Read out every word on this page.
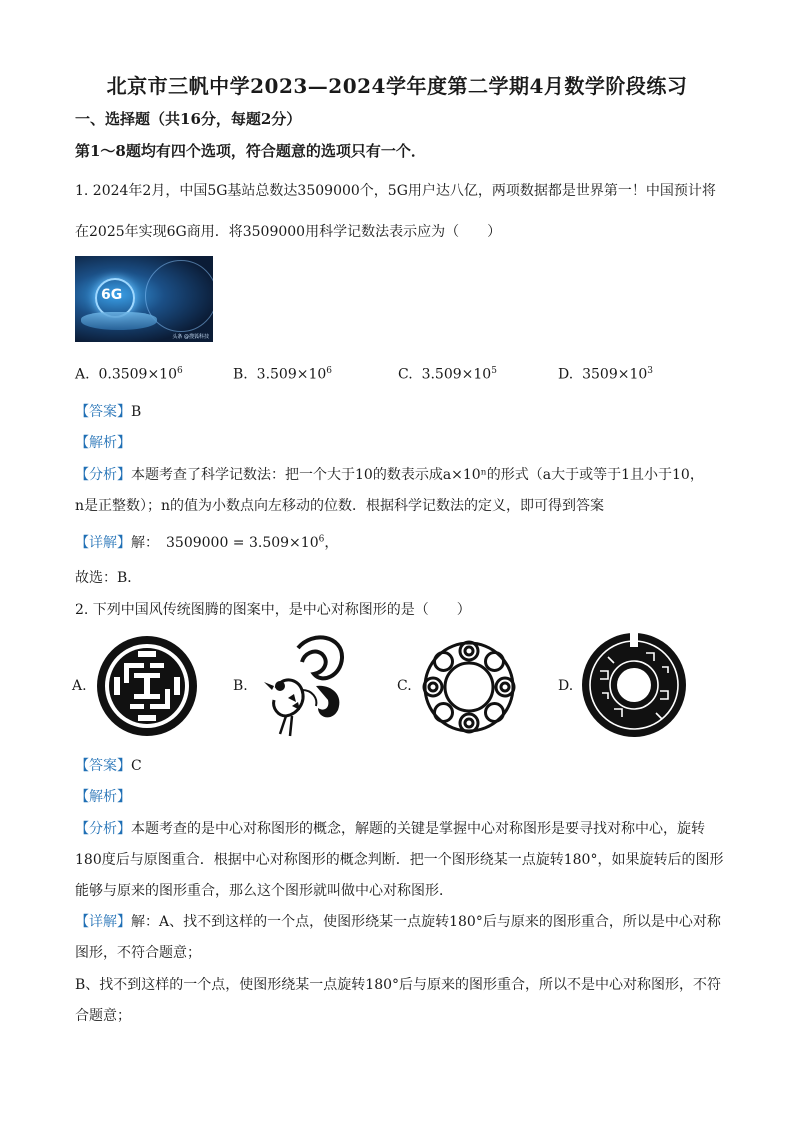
北京市三帆中学2023—2024学年度第二学期4月数学阶段练习
一、选择题（共16分，每题2分）
第1～8题均有四个选项，符合题意的选项只有一个．
1. 2024年2月，中国5G基站总数达3509000个，5G用户达八亿，两项数据都是世界第一！中国预计将
在2025年实现6G商用．将3509000用科学记数法表示应为（　　）
6G
头条 @搜狐科技
A. $0.3509\times 10^6$	B. $3.509\times 10^6$	C. $3.509\times 10^5$	D. $3509\times 10^3$
【答案】B
【解析】
【分析】本题考查了科学记数法：把一个大于10的数表示成a×10ⁿ的形式（a大于或等于1且小于10，
n是正整数）；n的值为小数点向左移动的位数．根据科学记数法的定义，即可得到答案
【详解】解：　$3509000 = 3.509\times 10^6$，
故选：B．
2. 下列中国风传统图腾的图案中，是中心对称图形的是（　　）
A.	B.	C.	D.
【答案】C
【解析】
【分析】本题考查的是中心对称图形的概念，解题的关键是掌握中心对称图形是要寻找对称中心，旋转
180度后与原图重合．根据中心对称图形的概念判断．把一个图形绕某一点旋转180°，如果旋转后的图形
能够与原来的图形重合，那么这个图形就叫做中心对称图形．
【详解】解：A、找不到这样的一个点，使图形绕某一点旋转180°后与原来的图形重合，所以是中心对称
图形，不符合题意；
B、找不到这样的一个点，使图形绕某一点旋转180°后与原来的图形重合，所以不是中心对称图形，不符
合题意；
